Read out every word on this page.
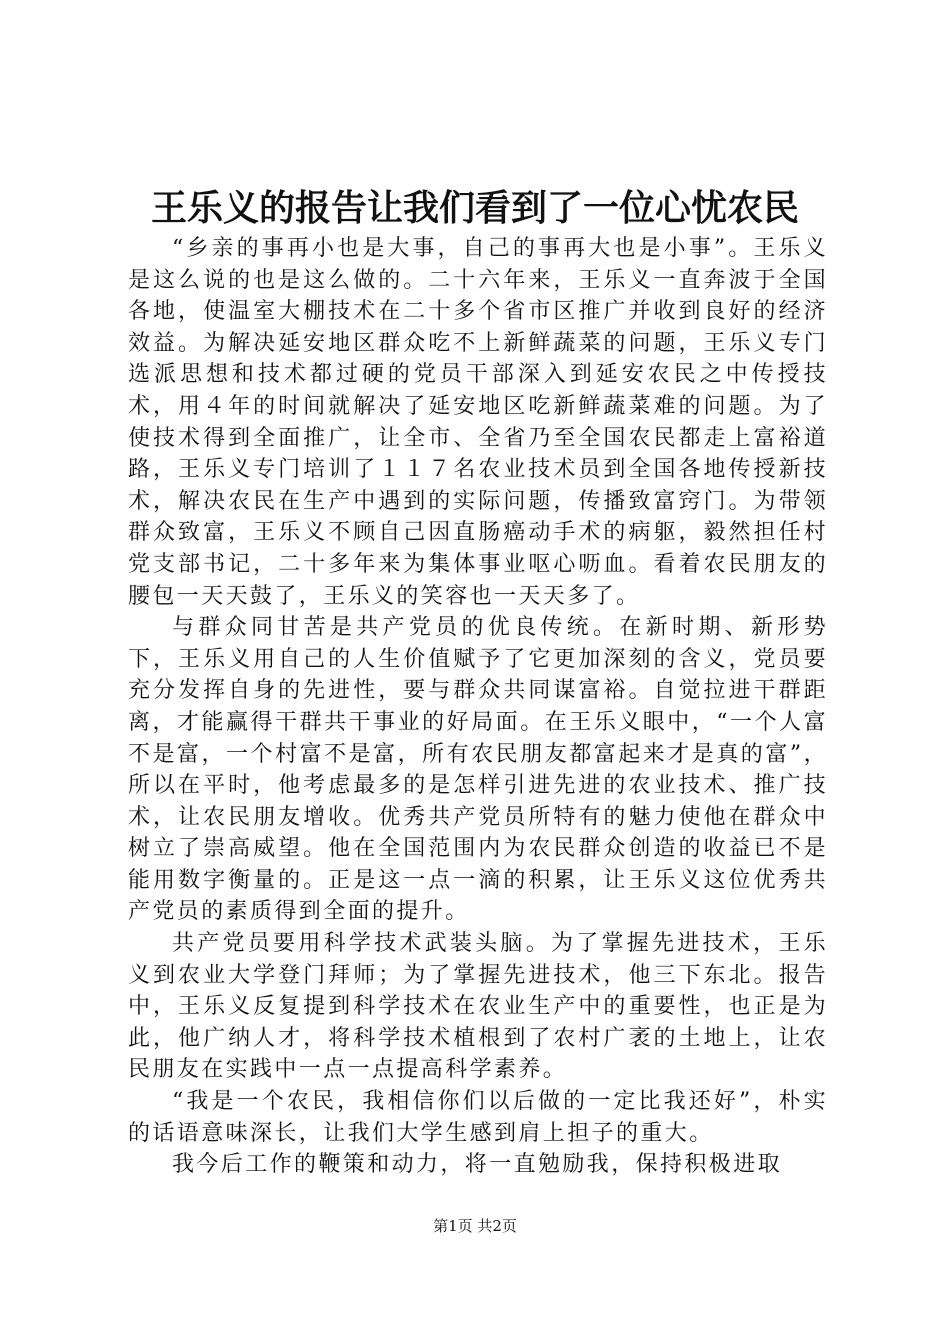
王乐义的报告让我们看到了一位心忧农民

“乡亲的事再小也是大事，自己的事再大也是小事”。王乐义是这么说的也是这么做的。二十六年来，王乐义一直奔波于全国各地，使温室大棚技术在二十多个省市区推广并收到良好的经济效益。为解决延安地区群众吃不上新鲜蔬菜的问题，王乐义专门选派思想和技术都过硬的党员干部深入到延安农民之中传授技术，用４年的时间就解决了延安地区吃新鲜蔬菜难的问题。为了使技术得到全面推广，让全市、全省乃至全国农民都走上富裕道路，王乐义专门培训了１１７名农业技术员到全国各地传授新技术，解决农民在生产中遇到的实际问题，传播致富窍门。为带领群众致富，王乐义不顾自己因直肠癌动手术的病躯，毅然担任村党支部书记，二十多年来为集体事业呕心呖血。看着农民朋友的腰包一天天鼓了，王乐义的笑容也一天天多了。

与群众同甘苦是共产党员的优良传统。在新时期、新形势下，王乐义用自己的人生价值赋予了它更加深刻的含义，党员要充分发挥自身的先进性，要与群众共同谋富裕。自觉拉进干群距离，才能赢得干群共干事业的好局面。在王乐义眼中，“一个人富不是富，一个村富不是富，所有农民朋友都富起来才是真的富”，所以在平时，他考虑最多的是怎样引进先进的农业技术、推广技术，让农民朋友增收。优秀共产党员所特有的魅力使他在群众中树立了崇高威望。他在全国范围内为农民群众创造的收益已不是能用数字衡量的。正是这一点一滴的积累，让王乐义这位优秀共产党员的素质得到全面的提升。

共产党员要用科学技术武装头脑。为了掌握先进技术，王乐义到农业大学登门拜师；为了掌握先进技术，他三下东北。报告中，王乐义反复提到科学技术在农业生产中的重要性，也正是为此，他广纳人才，将科学技术植根到了农村广袤的土地上，让农民朋友在实践中一点一点提高科学素养。

“我是一个农民，我相信你们以后做的一定比我还好”，朴实的话语意味深长，让我们大学生感到肩上担子的重大。

我今后工作的鞭策和动力，将一直勉励我，保持积极进取

第1页 共2页
